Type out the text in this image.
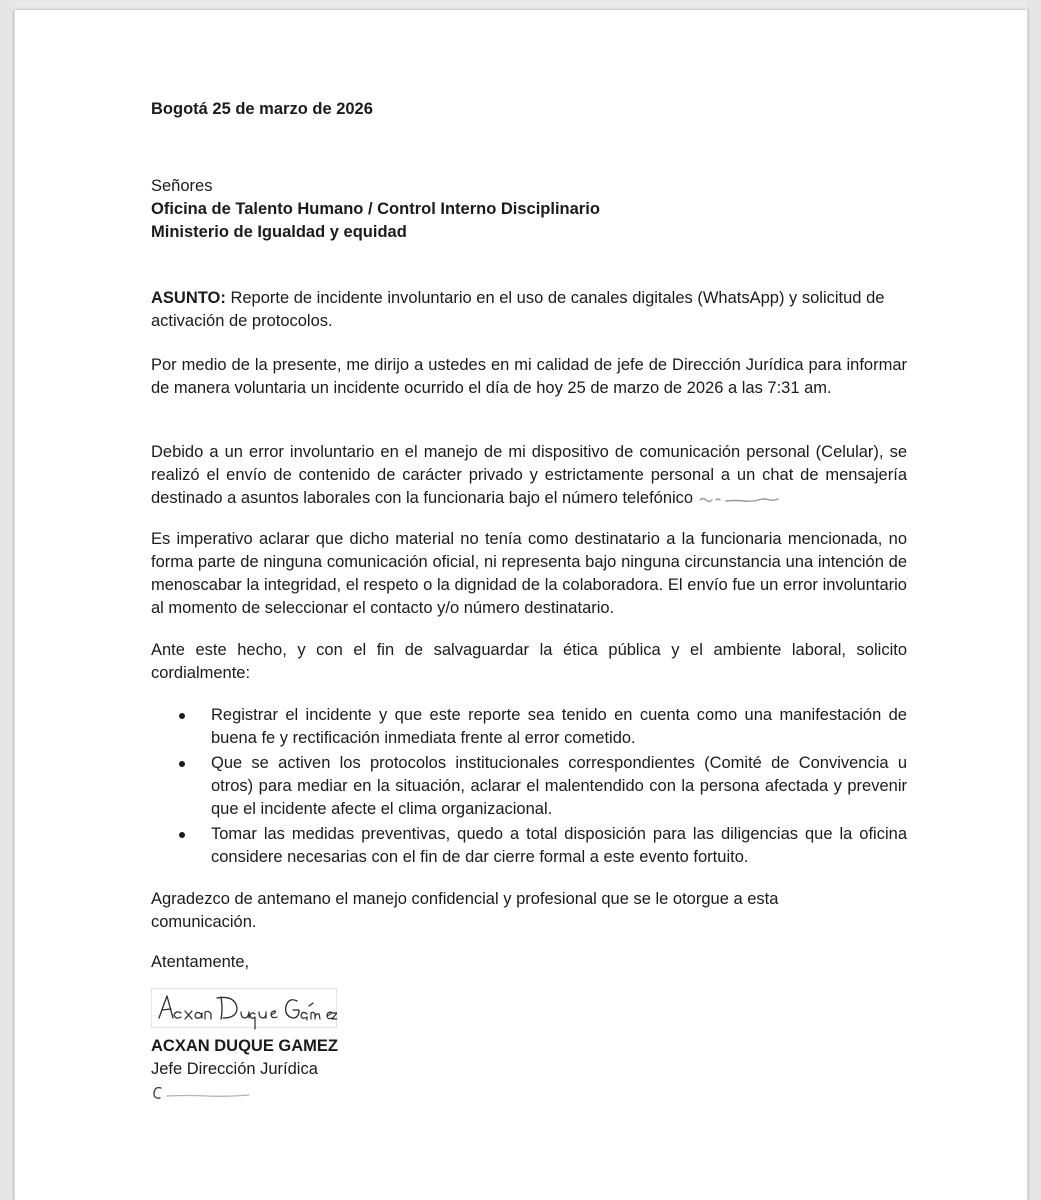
Bogotá 25 de marzo de 2026
Señores
Oficina de Talento Humano / Control Interno Disciplinario
Ministerio de Igualdad y equidad
ASUNTO: Reporte de incidente involuntario en el uso de canales digitales (WhatsApp) y solicitud de activación de protocolos.
Por medio de la presente, me dirijo a ustedes en mi calidad de jefe de Dirección Jurídica para informar de manera voluntaria un incidente ocurrido el día de hoy 25 de marzo de 2026 a las 7:31 am.
Debido a un error involuntario en el manejo de mi dispositivo de comunicación personal (Celular), se realizó el envío de contenido de carácter privado y estrictamente personal a un chat de mensajería destinado a asuntos laborales con la funcionaria bajo el número telefónico
Es imperativo aclarar que dicho material no tenía como destinatario a la funcionaria mencionada, no forma parte de ninguna comunicación oficial, ni representa bajo ninguna circunstancia una intención de menoscabar la integridad, el respeto o la dignidad de la colaboradora. El envío fue un error involuntario al momento de seleccionar el contacto y/o número destinatario.
Ante este hecho, y con el fin de salvaguardar la ética pública y el ambiente laboral, solicito cordialmente:
Registrar el incidente y que este reporte sea tenido en cuenta como una manifestación de buena fe y rectificación inmediata frente al error cometido.
Que se activen los protocolos institucionales correspondientes (Comité de Convivencia u otros) para mediar en la situación, aclarar el malentendido con la persona afectada y prevenir que el incidente afecte el clima organizacional.
Tomar las medidas preventivas, quedo a total disposición para las diligencias que la oficina considere necesarias con el fin de dar cierre formal a este evento fortuito.
Agradezco de antemano el manejo confidencial y profesional que se le otorgue a esta comunicación.
Atentamente,
ACXAN DUQUE GAMEZ
Jefe Dirección Jurídica
